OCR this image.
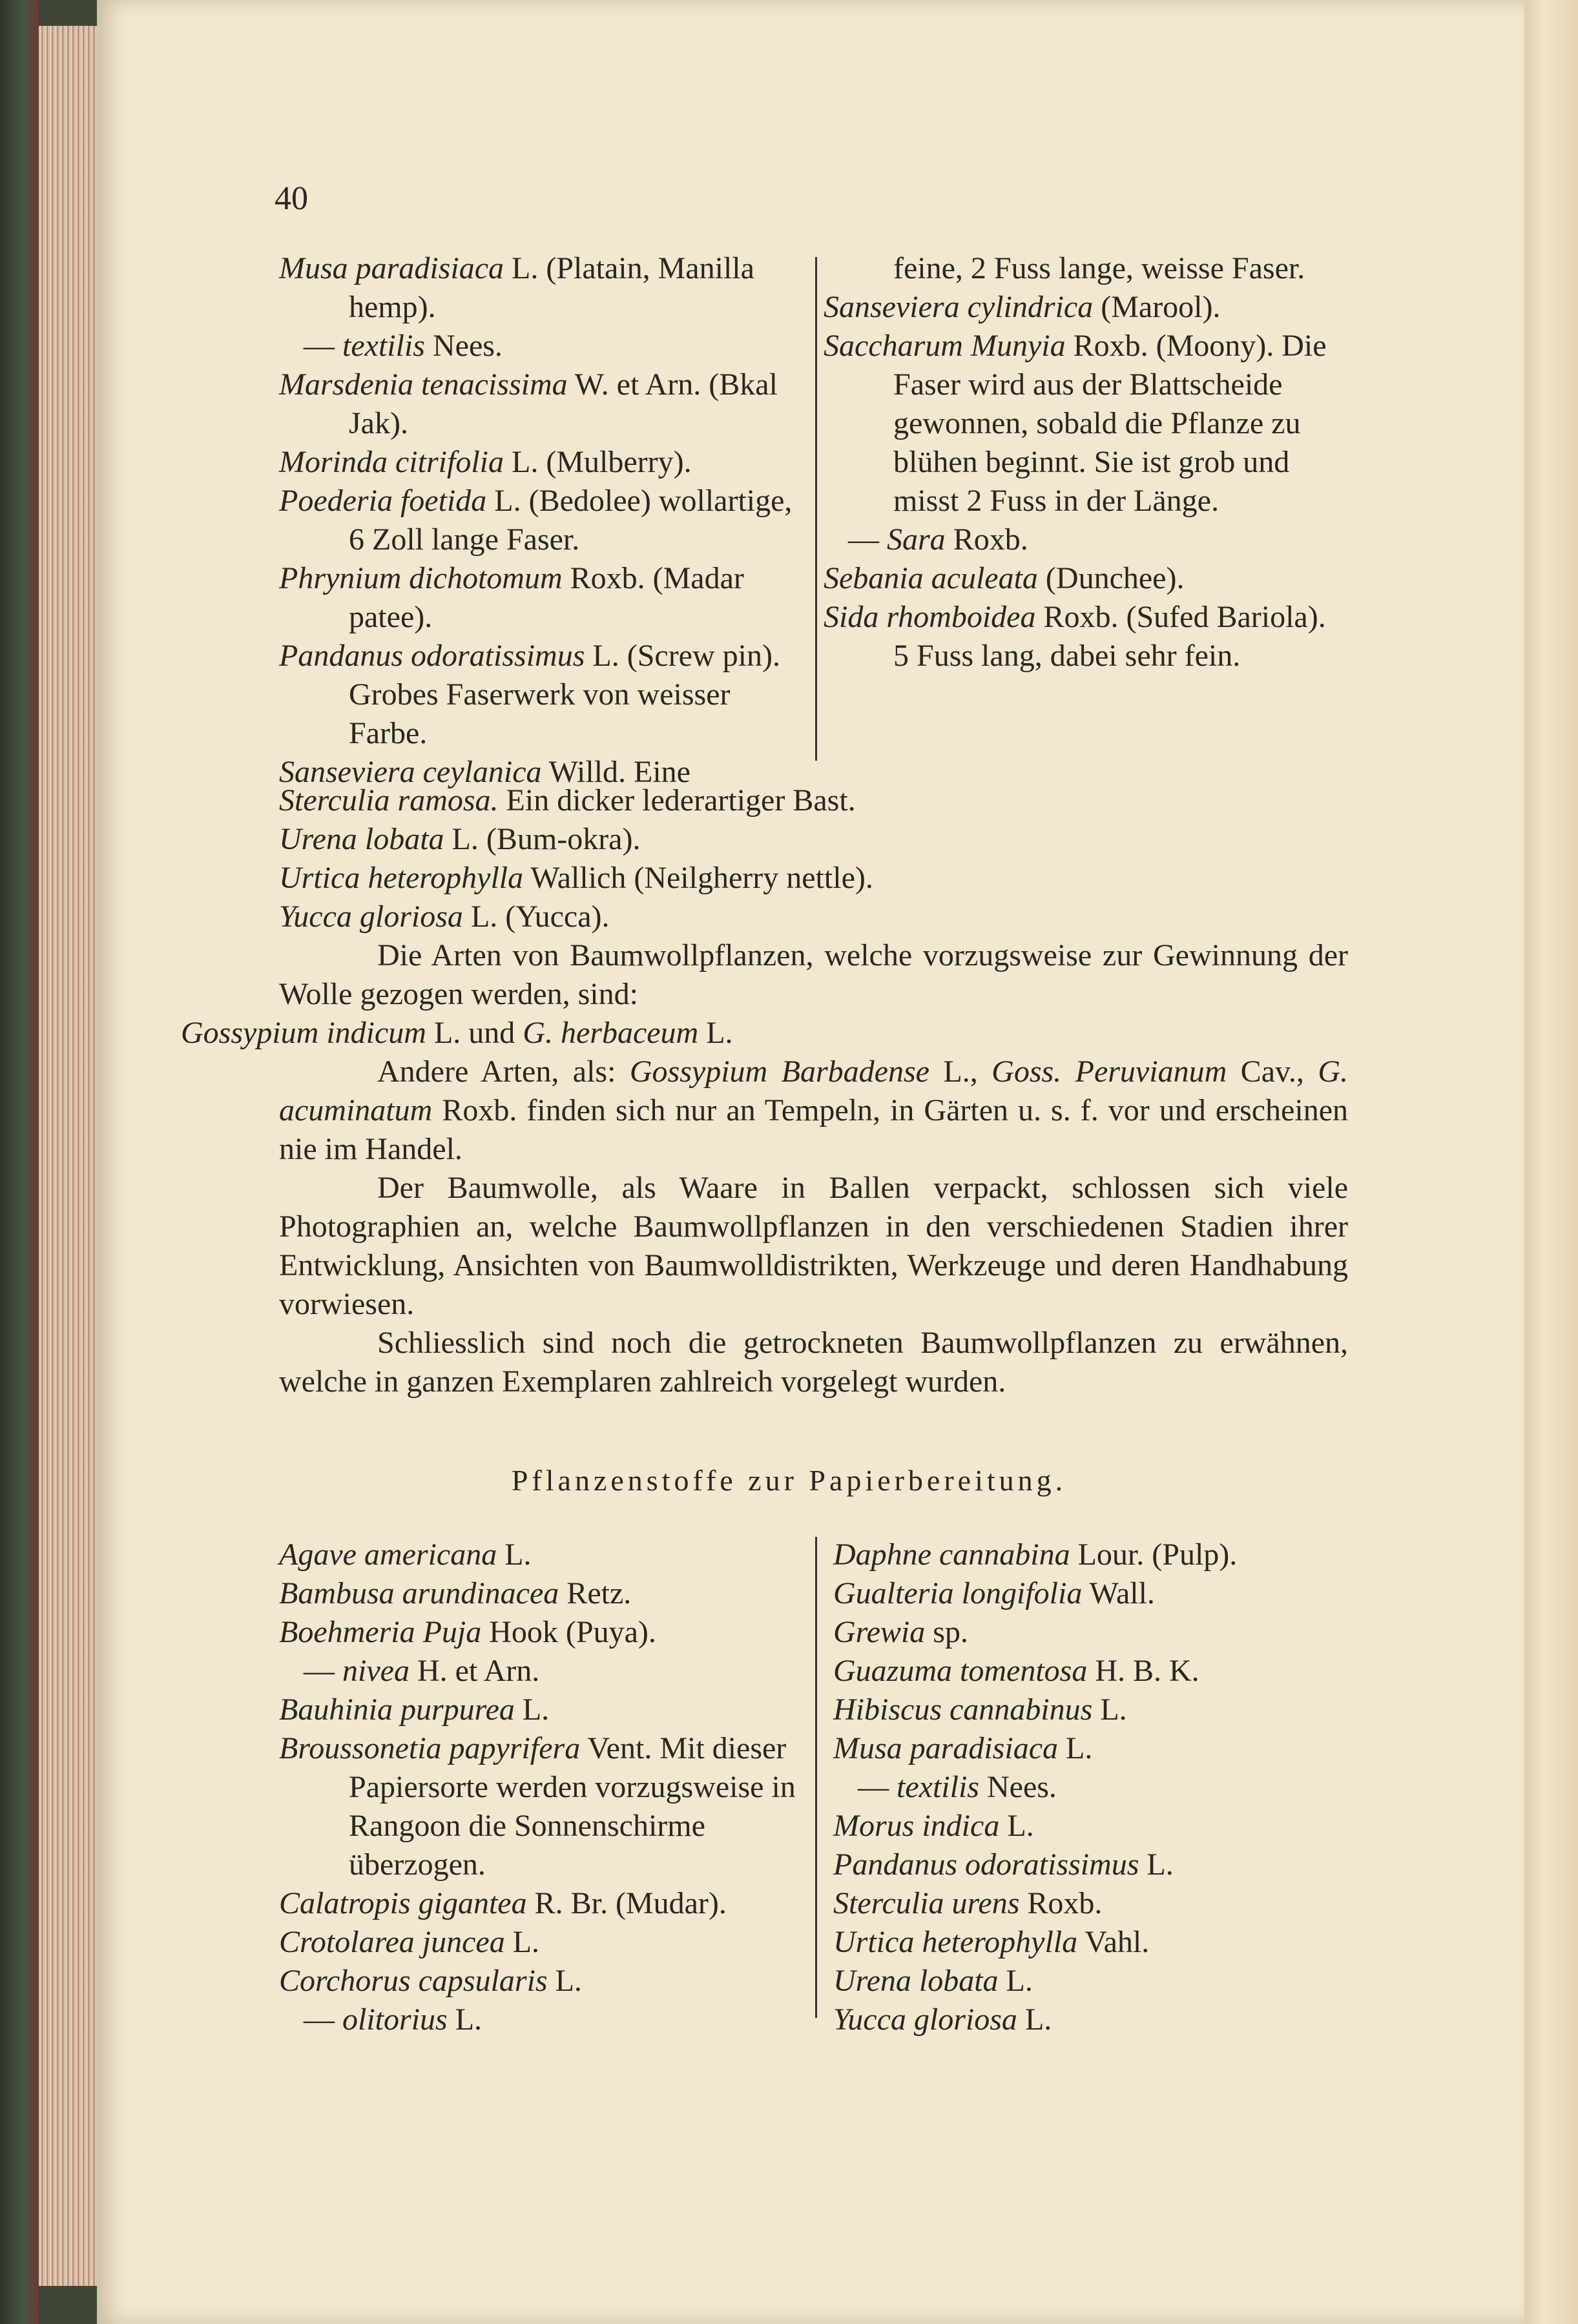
40

Musa paradisiaca L. (Platain, Manilla hemp).

— textilis Nees.

Marsdenia tenacissima W. et Arn. (Bkal Jak).

Morinda citrifolia L. (Mulberry).

Poederia foetida L. (Bedolee) wollartige, 6 Zoll lange Faser.

Phrynium dichotomum Roxb. (Madar patee).

Pandanus odoratissimus L. (Screw pin). Grobes Faserwerk von weisser Farbe.

Sanseviera ceylanica Willd. Eine

feine, 2 Fuss lange, weisse Faser.

Sanseviera cylindrica (Marool).

Saccharum Munyia Roxb. (Moony). Die Faser wird aus der Blattscheide gewonnen, sobald die Pflanze zu blühen beginnt. Sie ist grob und misst 2 Fuss in der Länge.

— Sara Roxb.

Sebania aculeata (Dunchee).

Sida rhomboidea Roxb. (Sufed Bariola). 5 Fuss lang, dabei sehr fein.

Sterculia ramosa. Ein dicker lederartiger Bast.

Urena lobata L. (Bum-okra).

Urtica heterophylla Wallich (Neilgherry nettle).

Yucca gloriosa L. (Yucca).

Die Arten von Baumwollpflanzen, welche vorzugsweise zur Gewinnung der Wolle gezogen werden, sind:
Gossypium indicum L. und G. herbaceum L.

Andere Arten, als: Gossypium Barbadense L., Goss. Peruvianum Cav., G. acuminatum Roxb. finden sich nur an Tempeln, in Gärten u. s. f. vor und erscheinen nie im Handel.

Der Baumwolle, als Waare in Ballen verpackt, schlossen sich viele Photographien an, welche Baumwollpflanzen in den verschiedenen Stadien ihrer Entwicklung, Ansichten von Baumwolldistrikten, Werkzeuge und deren Handhabung vorwiesen.

Schliesslich sind noch die getrockneten Baumwollpflanzen zu erwähnen, welche in ganzen Exemplaren zahlreich vorgelegt wurden.

Pflanzenstoffe zur Papierbereitung.

Agave americana L.

Bambusa arundinacea Retz.

Boehmeria Puja Hook (Puya).

— nivea H. et Arn.

Bauhinia purpurea L.

Broussonetia papyrifera Vent. Mit dieser Papiersorte werden vorzugsweise in Rangoon die Sonnenschirme überzogen.

Calatropis gigantea R. Br. (Mudar).

Crotolarea juncea L.

Corchorus capsularis L.

— olitorius L.

Daphne cannabina Lour. (Pulp).

Gualteria longifolia Wall.

Grewia sp.

Guazuma tomentosa H. B. K.

Hibiscus cannabinus L.

Musa paradisiaca L.

— textilis Nees.

Morus indica L.

Pandanus odoratissimus L.

Sterculia urens Roxb.

Urtica heterophylla Vahl.

Urena lobata L.

Yucca gloriosa L.
